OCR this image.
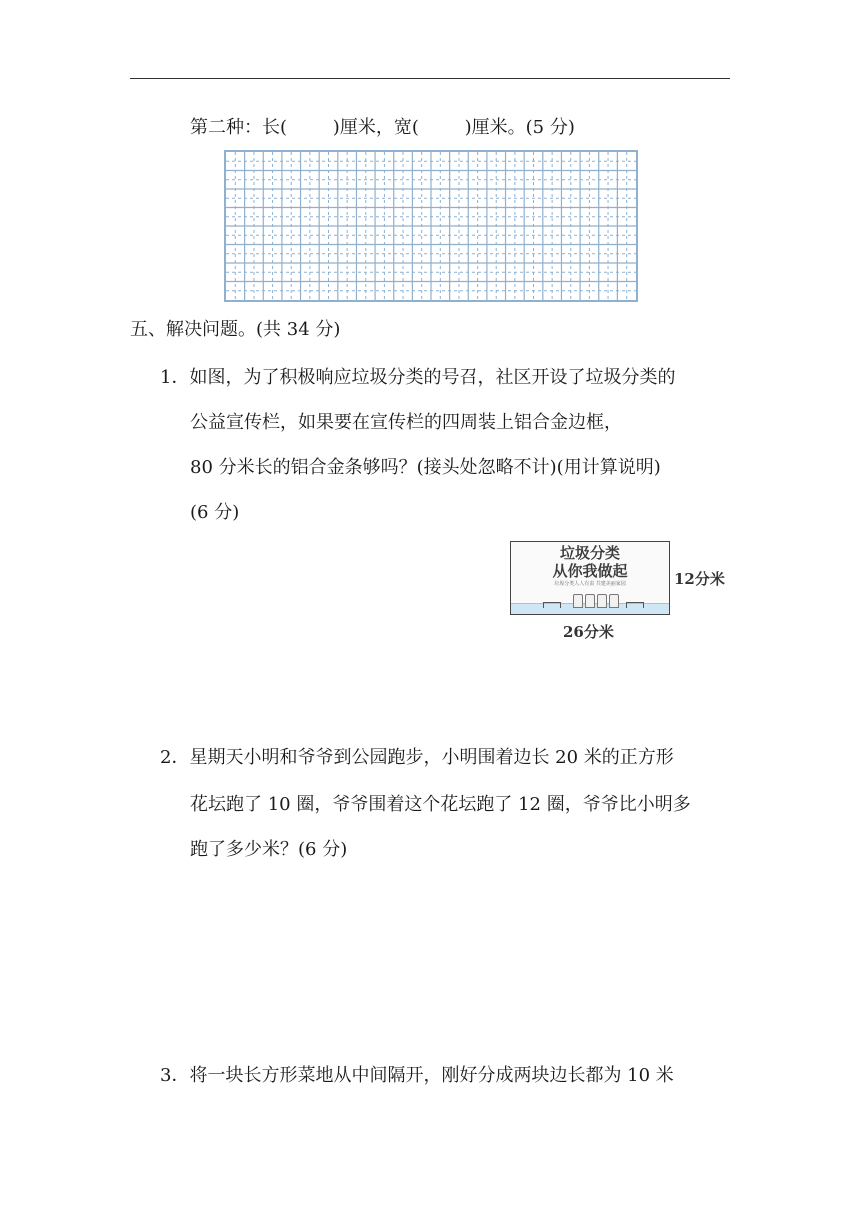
第二种：长(        )厘米，宽(        )厘米。(5 分)
五、解决问题。(共 34 分)
1．如图，为了积极响应垃圾分类的号召，社区开设了垃圾分类的
公益宣传栏，如果要在宣传栏的四周装上铝合金边框，
80 分米长的铝合金条够吗？(接头处忽略不计)(用计算说明)
(6 分)
垃圾分类
从你我做起
垃圾分类人人有责 共建美丽家园	12分米
26分米
2．星期天小明和爷爷到公园跑步，小明围着边长 20 米的正方形
花坛跑了 10 圈，爷爷围着这个花坛跑了 12 圈，爷爷比小明多
跑了多少米？(6 分)
3．将一块长方形菜地从中间隔开，刚好分成两块边长都为 10 米
